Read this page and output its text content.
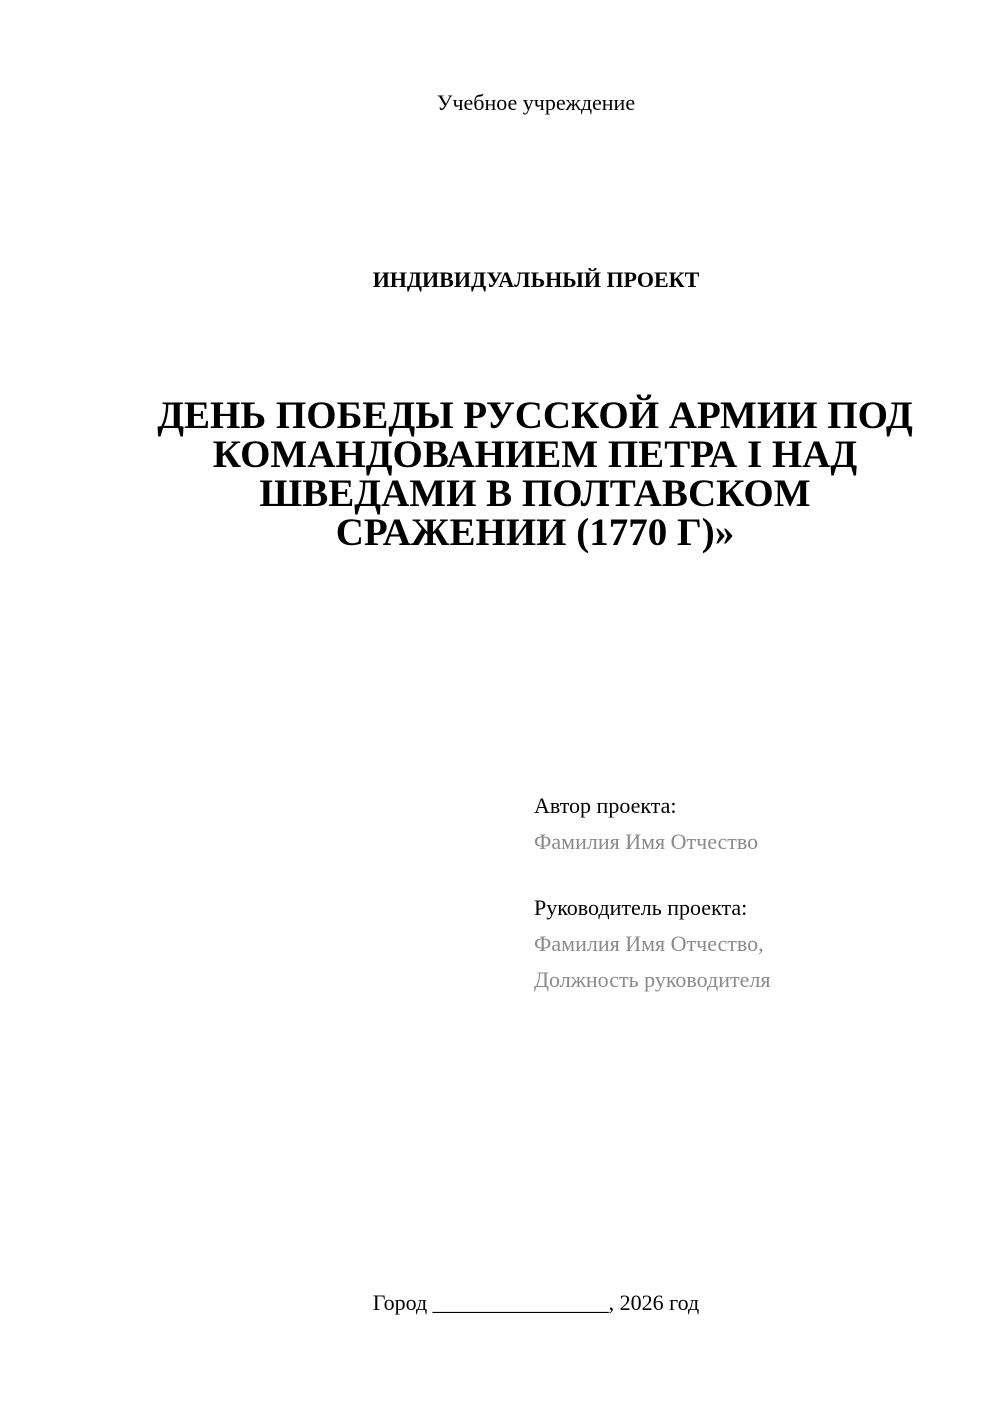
Учебное учреждение
ИНДИВИДУАЛЬНЫЙ ПРОЕКТ
ДЕНЬ ПОБЕДЫ РУССКОЙ АРМИИ ПОД
КОМАНДОВАНИЕМ ПЕТРА I НАД
ШВЕДАМИ В ПОЛТАВСКОМ
СРАЖЕНИИ (1770 Г)»
Автор проекта:
Фамилия Имя Отчество
Руководитель проекта:
Фамилия Имя Отчество,
Должность руководителя
Город ________________, 2026 год
